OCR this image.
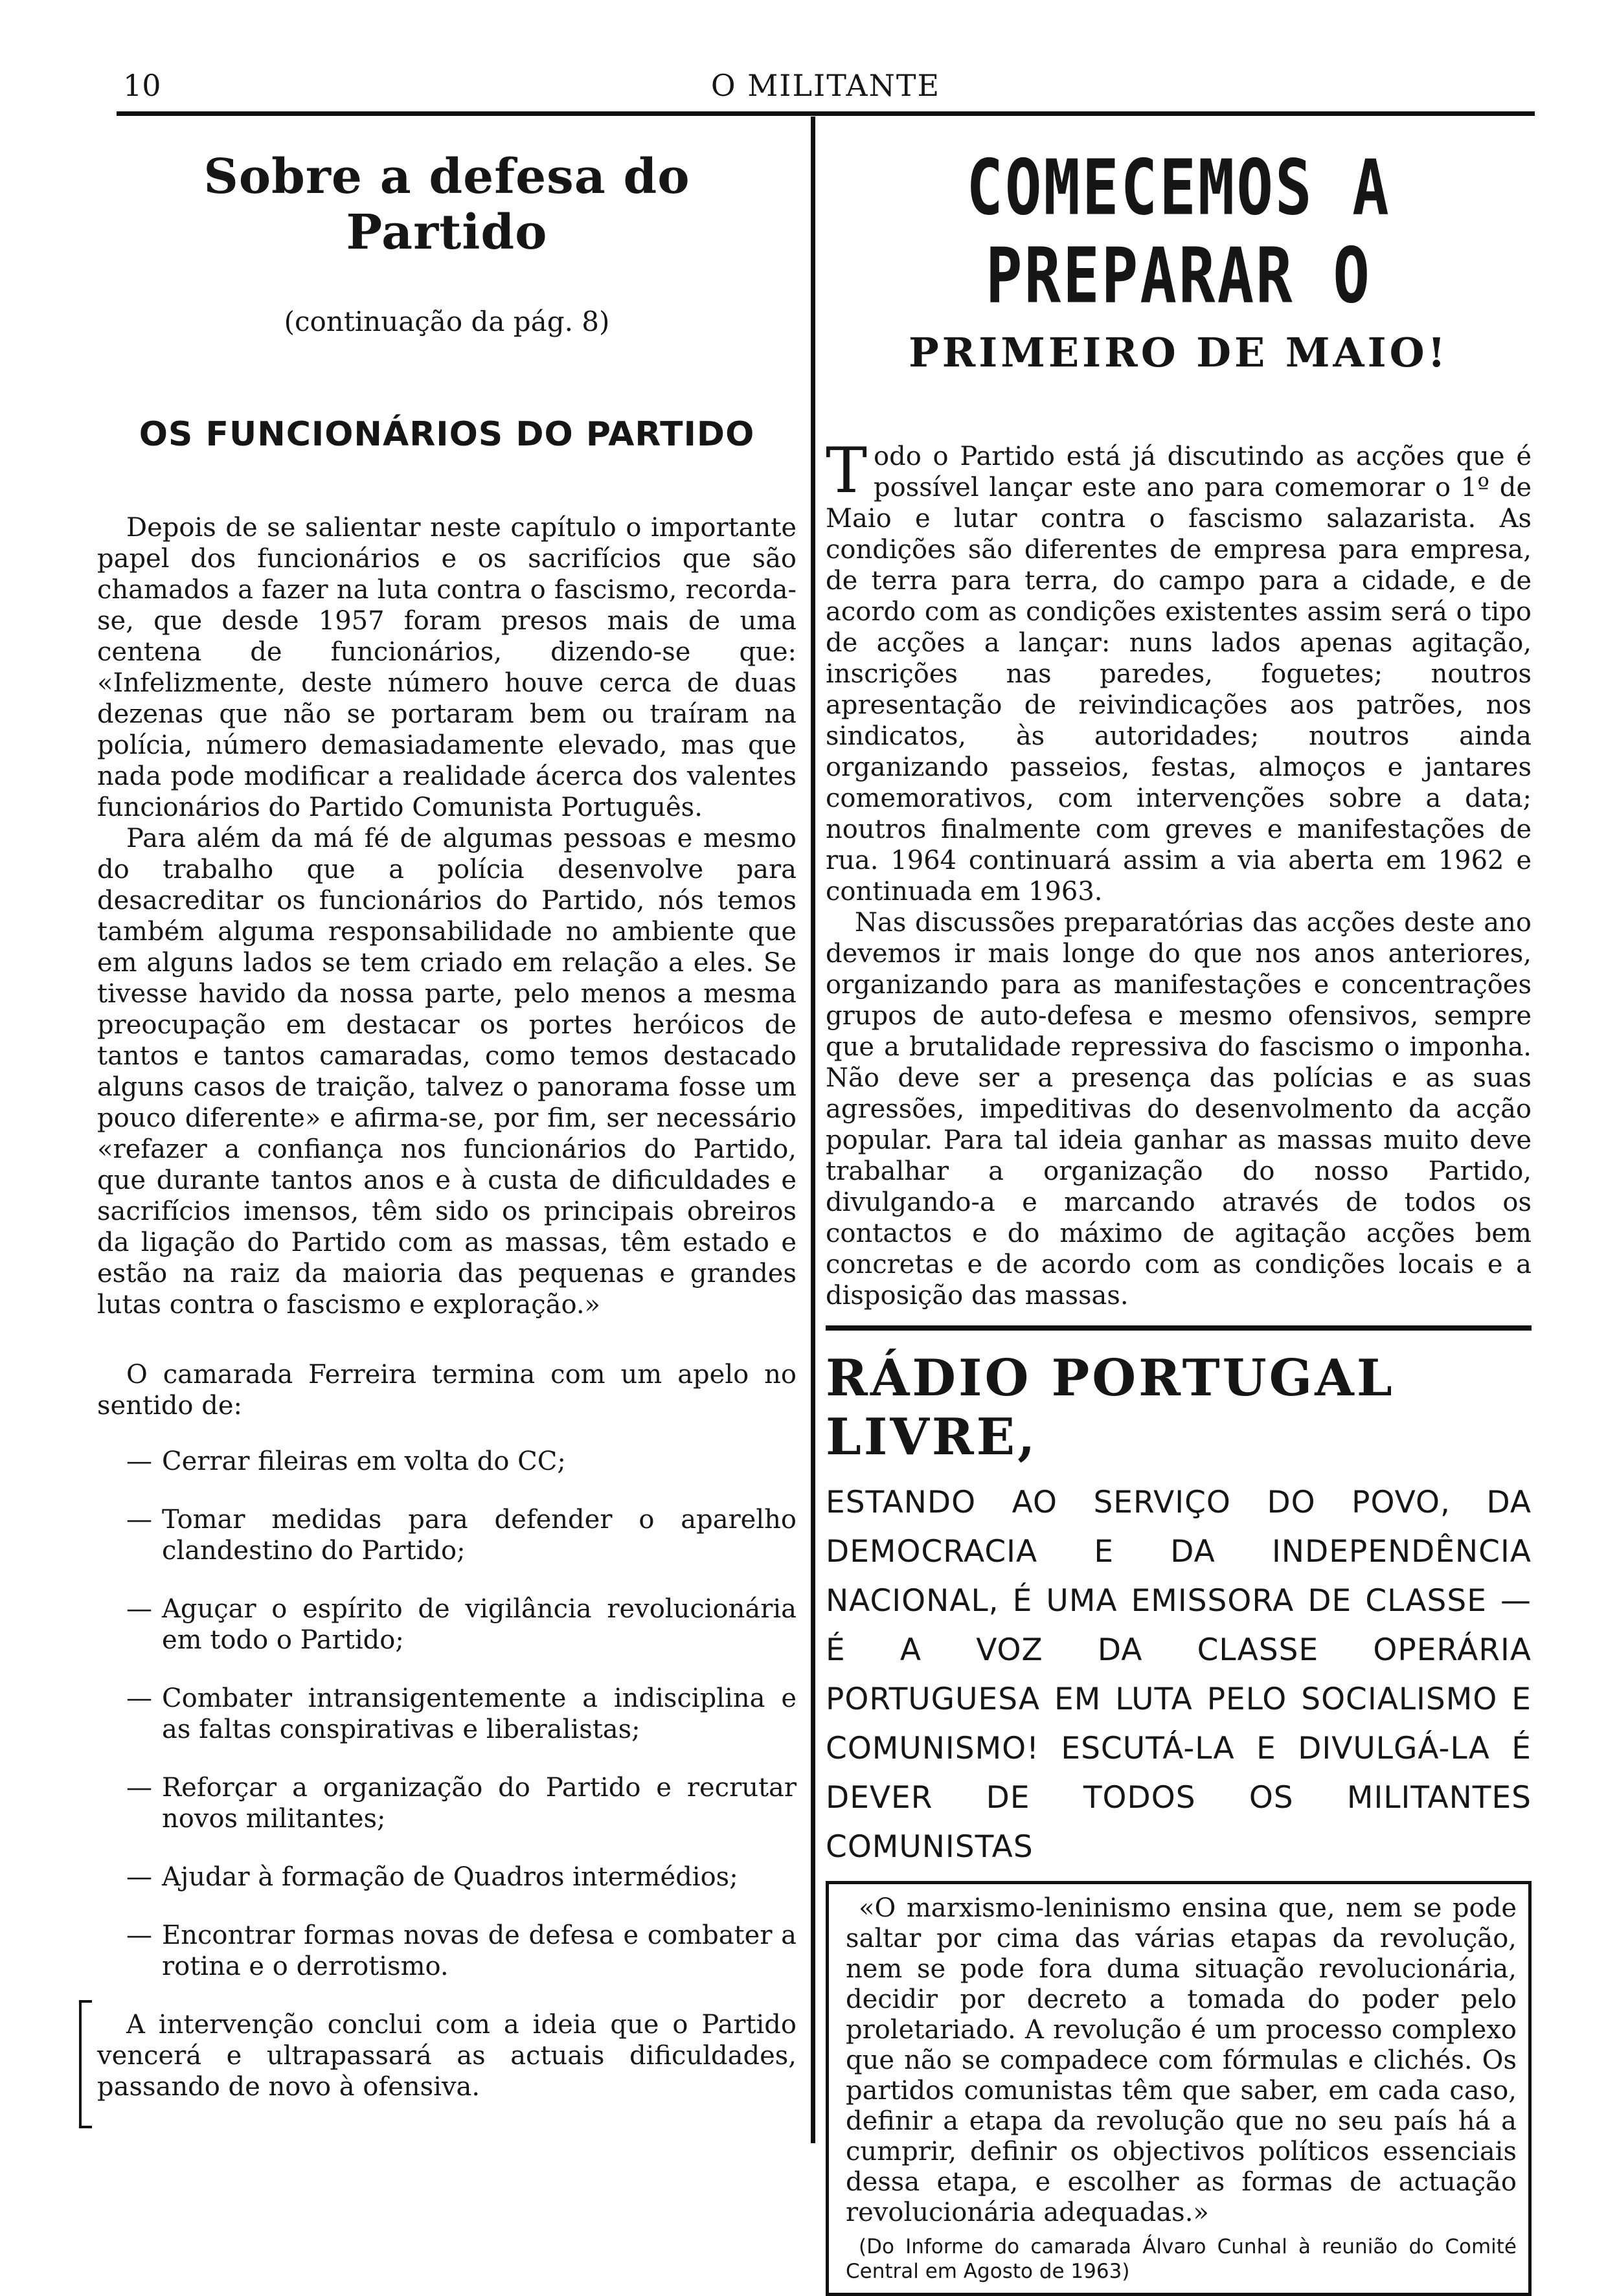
10	O MILITANTE
Sobre a defesa do Partido

(continuação da pág. 8)

OS FUNCIONÁRIOS DO PARTIDO

Depois de se salientar neste capítulo o importante papel dos funcionários e os sacrifícios que são chamados a fazer na luta contra o fascismo, recorda-se, que desde 1957 foram presos mais de uma centena de funcionários, dizendo-se que: «Infelizmente, deste número houve cerca de duas dezenas que não se portaram bem ou traíram na polícia, número demasiadamente elevado, mas que nada pode modificar a realidade ácerca dos valentes funcionários do Partido Comunista Português.

Para além da má fé de algumas pessoas e mesmo do trabalho que a polícia desenvolve para desacreditar os funcionários do Partido, nós temos também alguma responsabilidade no ambiente que em alguns lados se tem criado em relação a eles. Se tivesse havido da nossa parte, pelo menos a mesma preocupação em destacar os portes heróicos de tantos e tantos camaradas, como temos destacado alguns casos de traição, talvez o panorama fosse um pouco diferente» e afirma-se, por fim, ser necessário «refazer a confiança nos funcionários do Partido, que durante tantos anos e à custa de dificuldades e sacrifícios imensos, têm sido os principais obreiros da ligação do Partido com as massas, têm estado e estão na raiz da maioria das pequenas e grandes lutas contra o fascismo e exploração.»

O camarada Ferreira termina com um apelo no sentido de:

— Cerrar fileiras em volta do CC;
— Tomar medidas para defender o aparelho clandestino do Partido;
— Aguçar o espírito de vigilância revolucionária em todo o Partido;
— Combater intransigentemente a indisciplina e as faltas conspirativas e liberalistas;
— Reforçar a organização do Partido e recrutar novos militantes;
— Ajudar à formação de Quadros intermédios;
— Encontrar formas novas de defesa e combater a rotina e o derrotismo.

A intervenção conclui com a ideia que o Partido vencerá e ultrapassará as actuais dificuldades, passando de novo à ofensiva.

COMECEMOS A PREPARAR O
PRIMEIRO DE MAIO!

Todo o Partido está já discutindo as acções que é possível lançar este ano para comemorar o 1º de Maio e lutar contra o fascismo salazarista. As condições são diferentes de empresa para empresa, de terra para terra, do campo para a cidade, e de acordo com as condições existentes assim será o tipo de acções a lançar: nuns lados apenas agitação, inscrições nas paredes, foguetes; noutros apresentação de reivindicações aos patrões, nos sindicatos, às autoridades; noutros ainda organizando passeios, festas, almoços e jantares comemorativos, com intervenções sobre a data; noutros finalmente com greves e manifestações de rua. 1964 continuará assim a via aberta em 1962 e continuada em 1963.

Nas discussões preparatórias das acções deste ano devemos ir mais longe do que nos anos anteriores, organizando para as manifestações e concentrações grupos de auto-defesa e mesmo ofensivos, sempre que a brutalidade repressiva do fascismo o imponha. Não deve ser a presença das polícias e as suas agressões, impeditivas do desenvolmento da acção popular. Para tal ideia ganhar as massas muito deve trabalhar a organização do nosso Partido, divulgando-a e marcando através de todos os contactos e do máximo de agitação acções bem concretas e de acordo com as condições locais e a disposição das massas.

RÁDIO PORTUGAL LIVRE,

ESTANDO AO SERVIÇO DO POVO, DA DEMOCRACIA E DA INDEPENDÊNCIA NACIONAL, É UMA EMISSORA DE CLASSE — É A VOZ DA CLASSE OPERÁRIA PORTUGUESA EM LUTA PELO SOCIALISMO E COMUNISMO! ESCUTÁ-LA E DIVULGÁ-LA É DEVER DE TODOS OS MILITANTES COMUNISTAS

«O marxismo-leninismo ensina que, nem se pode saltar por cima das várias etapas da revolução, nem se pode fora duma situação revolucionária, decidir por decreto a tomada do poder pelo proletariado. A revolução é um processo complexo que não se compadece com fórmulas e clichés. Os partidos comunistas têm que saber, em cada caso, definir a etapa da revolução que no seu país há a cumprir, definir os objectivos políticos essenciais dessa etapa, e escolher as formas de actuação revolucionária adequadas.»

(Do Informe do camarada Álvaro Cunhal à reunião do Comité Central em Agosto de 1963)
